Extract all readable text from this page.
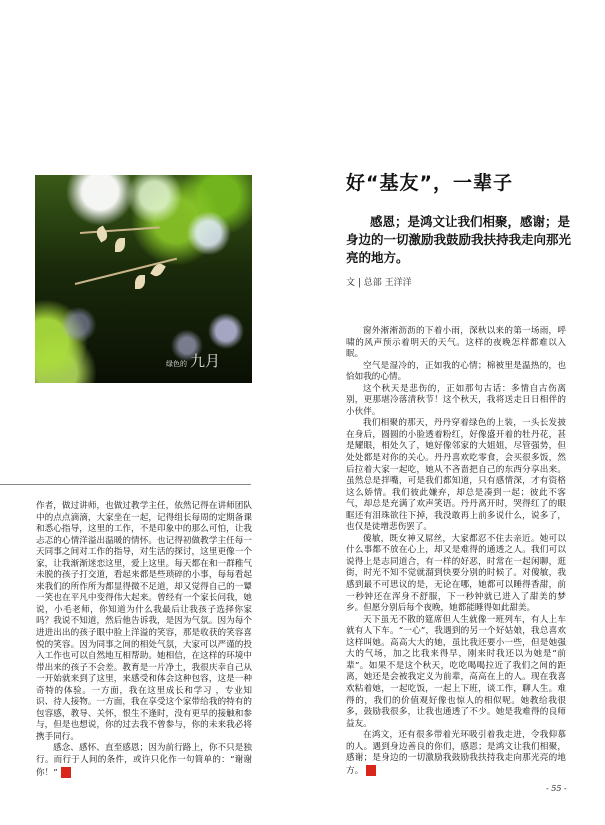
绿色的 九月
好“基友”，一辈子
感恩；是鸿文让我们相聚，感谢；是身边的一切激励我鼓励我扶持我走向那光亮的地方。
文 | 总部 王洋洋

作者，做过讲师，也做过教学主任，依然记得在讲师团队中的点点滴滴，大家坐在一起，记得组长每周的定期备课和悉心指导，这里的工作，不是印象中的那么可怕，让我忐忑的心情洋溢出温暖的情怀。也记得初做教学主任每一天同事之间对工作的指导，对生活的探讨，这里更像一个家，让我渐渐迷恋这里，爱上这里。每天都在和一群稚气未脱的孩子打交道，看起来都是些琐碎的小事，每每看起来我们的所作所为都显得微不足道，却又觉得自己的一颦一笑也在平凡中变得伟大起来。曾经有一个家长问我，她说，小毛老师，你知道为什么我最后让我孩子选择你家吗？我说不知道，然后他告诉我，是因为气氛。因为每个进进出出的孩子眼中脸上洋溢的笑容，那是收获的笑容喜悦的笑容。因为同事之间的相处气氛，大家可以严谨的投入工作也可以自然地互相帮助。她相信，在这样的环境中带出来的孩子不会差。教育是一片净土，我很庆幸自己从一开始就来到了这里，来感受和体会这种包容，这是一种奇特的体验。一方面，我在这里成长和学习 ，专业知识、待人接物。一方面，我在享受这个家带给我的特有的包容感，教导、关怀，恨生不逢时，没有更早的接触和参与，但是也想说，你的过去我不曾参与，你的未来我必将携手同行。

感念、感怀、直至感恩；因为前行路上，你不只是独行。而行于人间的条件，或许只化作一句简单的：“谢谢你！”	鸿

窗外淅淅沥沥的下着小雨，深秋以来的第一场雨，呼啸的风声预示着明天的天气。这样的夜晚怎样都难以入眠。

空气是湿冷的，正如我的心情；棉被里是温热的，也恰如我的心情。

这个秋天是悲伤的，正如那句古话：多情自古伤离别，更那堪冷落清秋节！这个秋天，我将送走日日相伴的小伙伴。

我们相聚的那天，丹丹穿着绿色的上装，一头长发披在身后，圆圆的小脸透着粉红，好像盛开着的牡丹花，甚是耀眼，相处久了，她好像邻家的大姐姐，尽管强势，但处处都是对你的关心。丹丹喜欢吃零食，会买很多饭，然后拉着大家一起吃，她从不吝啬把自己的东西分享出来。虽然总是拌嘴，可是我们都知道，只有感情深，才有资格这么娇情。我们彼此嫌弃，却总是凑到一起；彼此不客气，却总是充满了欢声笑语。丹丹离开时，哭得红了的眼眶还有泪珠欲往下掉，我没敢再上前多说什么，说多了，也仅是徒增悲伤罢了。

傻敏，既女神又屌丝，大家都忍不住去亲近。她可以什么事都不放在心上，却又是难得的通透之人。我们可以说得上是志同道合，有一样的好恶，时常在一起闲聊，逛街，时光不知不觉就溜到快要分别的时候了。对傻敏，我感到最不可思议的是，无论在哪，她都可以睡得香甜，前一秒钟还在浑身不舒服，下一秒钟就已进入了甜美的梦乡。但愿分别后每个夜晚，她都能睡得如此甜美。

天下虽无不散的筵席但人生就像一班列车，有人上车就有人下车。“一心”，我遇到的另一个好姑娘，我总喜欢这样叫她。高高大大的她，虽比我还要小一些，但是她强大的气场，加之比我来得早，刚来时我还以为她是“前辈”。如果不是这个秋天，吃吃喝喝拉近了我们之间的距离，她还是会被我定义为前辈，高高在上的人。现在我喜欢粘着她，一起吃饭，一起上下班，谈工作，聊人生。难得的，我们的价值观好像也惊人的相似呢。她教给我很多，鼓励我很多，让我也通透了不少。她是我难得的良师益友。

在鸿文，还有很多带着光环吸引着我走进，令我仰慕的人。遇到身边善良的你们，感恩；是鸿文让我们相聚，感谢；是身边的一切激励我鼓励我扶持我走向那光亮的地方。	鸿

- 55 -
